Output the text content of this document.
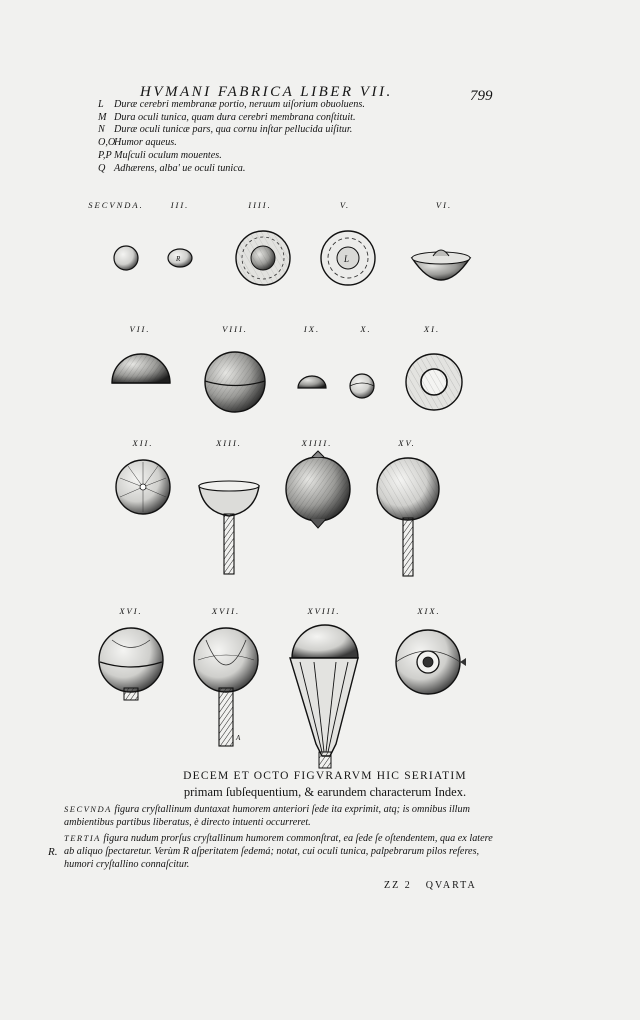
HVMANI FABRICA LIBER VII.	799
L Duræ cerebri membranæ portio, neruum uiſorium obuoluens.
M Dura oculi tunica, quam dura cerebri membrana conſtituit.
N Duræ oculi tunicæ pars, qua cornu inſtar pellucida uiſitur.
O,OHumor aqueus.
P,P Muſculi oculum mouentes.
Q Adhærens, alba' ue oculi tunica.
SECVNDA.	III.	IIII.	V.	VI.
VII.	VIII.	IX.	X.	XI.
XII.	XIII.	XIIII.	XV.
XVI.	XVII.	XVIII.	XIX.
R	L
A
DECEM ET OCTO FIGVRARVM HIC SERIATIM
primam ſubſequentium, & earundem characterum Index.
SECVNDA figura cryſtallinum duntaxat humorem anteriori ſede ita exprimit, atq; is omnibus illum ambientibus partibus liberatus, è directo intuenti occurreret.
TERTIA figura nudum prorſus cryſtallinum humorem commonſtrat, ea ſede ſe oſtendentem, qua ex latere ab aliquo ſpectaretur. Verùm R aſperitatem ſedemá; notat, cui oculi tunica, palpebrarum pilos referes, humori cryſtallino connaſcitur.
R.
ZZ 2 QVARTA
